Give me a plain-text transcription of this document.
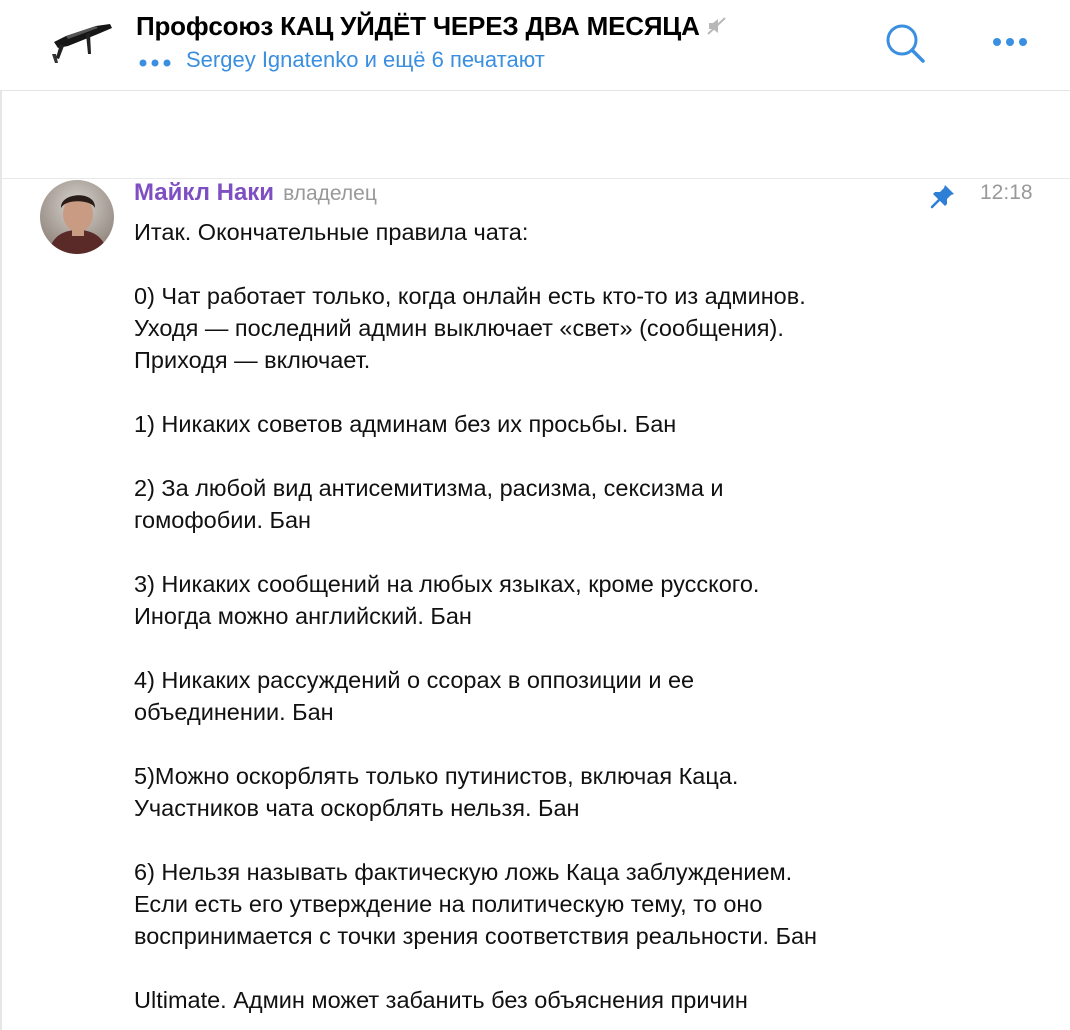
Профсоюз КАЦ УЙДЁТ ЧЕРЕЗ ДВА МЕСЯЦА
Sergey Ignatenko и ещё 6 печатают
Майкл Наки владелец	12:18
Итак. Окончательные правила чата:
0) Чат работает только, когда онлайн есть кто-то из админов.
Уходя — последний админ выключает «свет» (сообщения).
Приходя — включает.
1) Никаких советов админам без их просьбы. Бан
2) За любой вид антисемитизма, расизма, сексизма и
гомофобии. Бан
3) Никаких сообщений на любых языках, кроме русского.
Иногда можно английский. Бан
4) Никаких рассуждений о ссорах в оппозиции и ее
объединении. Бан
5)Можно оскорблять только путинистов, включая Каца.
Участников чата оскорблять нельзя. Бан
6) Нельзя называть фактическую ложь Каца заблуждением.
Если есть его утверждение на политическую тему, то оно
воспринимается с точки зрения соответствия реальности. Бан
Ultimate. Админ может забанить без объяснения причин
